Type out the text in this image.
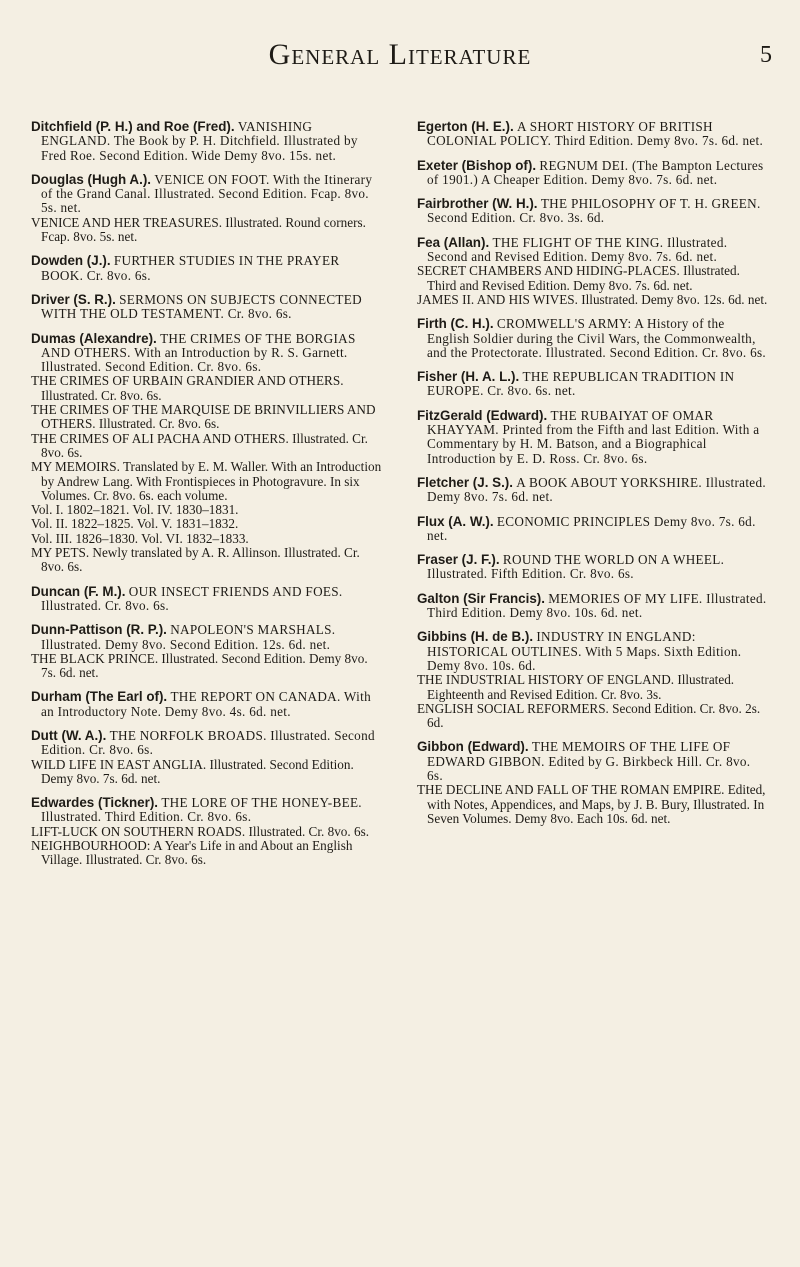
General Literature	5

Ditchfield (P. H.) and Roe (Fred). VANISHING ENGLAND. The Book by P. H. Ditchfield. Illustrated by Fred Roe. Second Edition. Wide Demy 8vo. 15s. net.

Douglas (Hugh A.). VENICE ON FOOT. With the Itinerary of the Grand Canal. Illustrated. Second Edition. Fcap. 8vo. 5s. net.

VENICE AND HER TREASURES. Illustrated. Round corners. Fcap. 8vo. 5s. net.

Dowden (J.). FURTHER STUDIES IN THE PRAYER BOOK. Cr. 8vo. 6s.

Driver (S. R.). SERMONS ON SUBJECTS CONNECTED WITH THE OLD TESTAMENT. Cr. 8vo. 6s.

Dumas (Alexandre). THE CRIMES OF THE BORGIAS AND OTHERS. With an Introduction by R. S. Garnett. Illustrated. Second Edition. Cr. 8vo. 6s.

THE CRIMES OF URBAIN GRANDIER AND OTHERS. Illustrated. Cr. 8vo. 6s.

THE CRIMES OF THE MARQUISE DE BRINVILLIERS AND OTHERS. Illustrated. Cr. 8vo. 6s.

THE CRIMES OF ALI PACHA AND OTHERS. Illustrated. Cr. 8vo. 6s.

MY MEMOIRS. Translated by E. M. Waller. With an Introduction by Andrew Lang. With Frontispieces in Photogravure. In six Volumes. Cr. 8vo. 6s. each volume.

Vol. I. 1802–1821. Vol. IV. 1830–1831.

Vol. II. 1822–1825. Vol. V. 1831–1832.

Vol. III. 1826–1830. Vol. VI. 1832–1833.

MY PETS. Newly translated by A. R. Allinson. Illustrated. Cr. 8vo. 6s.

Duncan (F. M.). OUR INSECT FRIENDS AND FOES. Illustrated. Cr. 8vo. 6s.

Dunn-Pattison (R. P.). NAPOLEON'S MARSHALS. Illustrated. Demy 8vo. Second Edition. 12s. 6d. net.

THE BLACK PRINCE. Illustrated. Second Edition. Demy 8vo. 7s. 6d. net.

Durham (The Earl of). THE REPORT ON CANADA. With an Introductory Note. Demy 8vo. 4s. 6d. net.

Dutt (W. A.). THE NORFOLK BROADS. Illustrated. Second Edition. Cr. 8vo. 6s.

WILD LIFE IN EAST ANGLIA. Illustrated. Second Edition. Demy 8vo. 7s. 6d. net.

Edwardes (Tickner). THE LORE OF THE HONEY-BEE. Illustrated. Third Edition. Cr. 8vo. 6s.

LIFT-LUCK ON SOUTHERN ROADS. Illustrated. Cr. 8vo. 6s.

NEIGHBOURHOOD: A Year's Life in and About an English Village. Illustrated. Cr. 8vo. 6s.

Egerton (H. E.). A SHORT HISTORY OF BRITISH COLONIAL POLICY. Third Edition. Demy 8vo. 7s. 6d. net.

Exeter (Bishop of). REGNUM DEI. (The Bampton Lectures of 1901.) A Cheaper Edition. Demy 8vo. 7s. 6d. net.

Fairbrother (W. H.). THE PHILOSOPHY OF T. H. GREEN. Second Edition. Cr. 8vo. 3s. 6d.

Fea (Allan). THE FLIGHT OF THE KING. Illustrated. Second and Revised Edition. Demy 8vo. 7s. 6d. net.

SECRET CHAMBERS AND HIDING-PLACES. Illustrated. Third and Revised Edition. Demy 8vo. 7s. 6d. net.

JAMES II. AND HIS WIVES. Illustrated. Demy 8vo. 12s. 6d. net.

Firth (C. H.). CROMWELL'S ARMY: A History of the English Soldier during the Civil Wars, the Commonwealth, and the Protectorate. Illustrated. Second Edition. Cr. 8vo. 6s.

Fisher (H. A. L.). THE REPUBLICAN TRADITION IN EUROPE. Cr. 8vo. 6s. net.

FitzGerald (Edward). THE RUBAIYAT OF OMAR KHAYYAM. Printed from the Fifth and last Edition. With a Commentary by H. M. Batson, and a Biographical Introduction by E. D. Ross. Cr. 8vo. 6s.

Fletcher (J. S.). A BOOK ABOUT YORKSHIRE. Illustrated. Demy 8vo. 7s. 6d. net.

Flux (A. W.). ECONOMIC PRINCIPLES Demy 8vo. 7s. 6d. net.

Fraser (J. F.). ROUND THE WORLD ON A WHEEL. Illustrated. Fifth Edition. Cr. 8vo. 6s.

Galton (Sir Francis). MEMORIES OF MY LIFE. Illustrated. Third Edition. Demy 8vo. 10s. 6d. net.

Gibbins (H. de B.). INDUSTRY IN ENGLAND: HISTORICAL OUTLINES. With 5 Maps. Sixth Edition. Demy 8vo. 10s. 6d.

THE INDUSTRIAL HISTORY OF ENGLAND. Illustrated. Eighteenth and Revised Edition. Cr. 8vo. 3s.

ENGLISH SOCIAL REFORMERS. Second Edition. Cr. 8vo. 2s. 6d.

Gibbon (Edward). THE MEMOIRS OF THE LIFE OF EDWARD GIBBON. Edited by G. Birkbeck Hill. Cr. 8vo. 6s.

THE DECLINE AND FALL OF THE ROMAN EMPIRE. Edited, with Notes, Appendices, and Maps, by J. B. Bury, Illustrated. In Seven Volumes. Demy 8vo. Each 10s. 6d. net.
